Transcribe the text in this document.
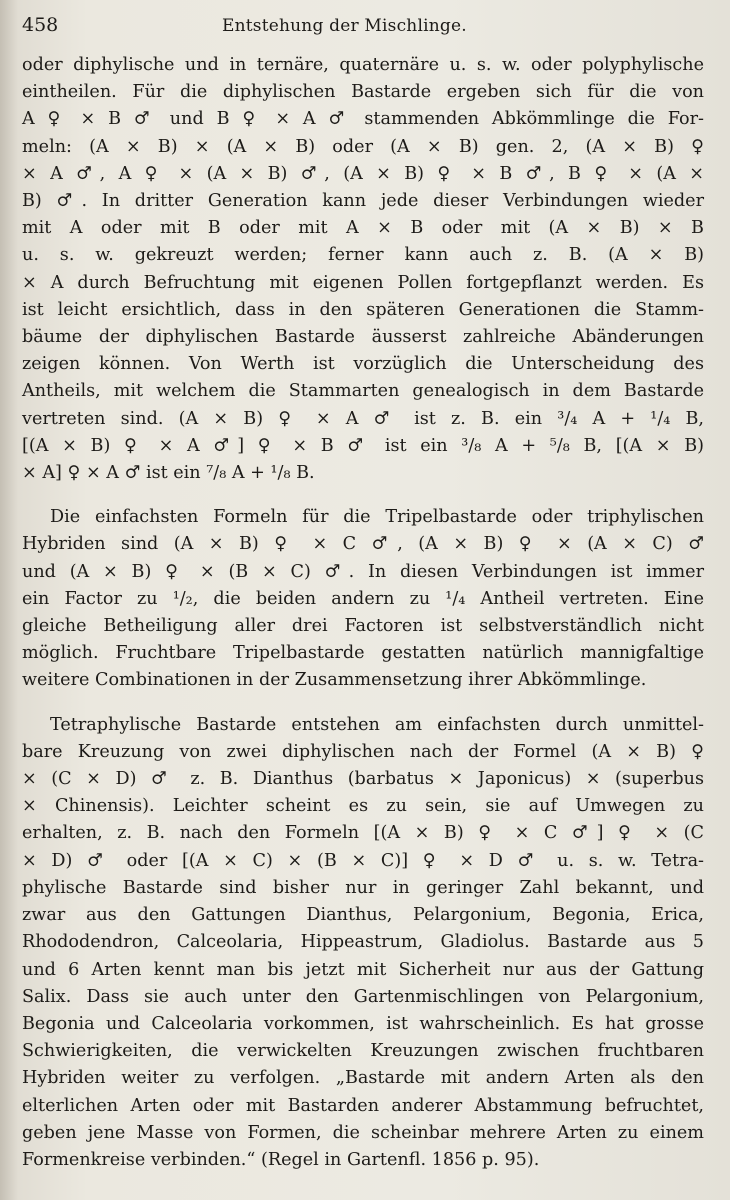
458	Entstehung der Mischlinge.

oder diphylische und in ternäre, quaternäre u. s. w. oder polyphylische
eintheilen. Für die diphylischen Bastarde ergeben sich für die von
A ♀ × B ♂ und B ♀ × A ♂ stammenden Abkömmlinge die For-
meln: (A × B) × (A × B) oder (A × B) gen. 2, (A × B) ♀
× A ♂, A ♀ × (A × B) ♂, (A × B) ♀ × B ♂, B ♀ × (A ×
B) ♂. In dritter Generation kann jede dieser Verbindungen wieder
mit A oder mit B oder mit A × B oder mit (A × B) × B
u. s. w. gekreuzt werden; ferner kann auch z. B. (A × B)
× A durch Befruchtung mit eigenen Pollen fortgepflanzt werden. Es
ist leicht ersichtlich, dass in den späteren Generationen die Stamm-
bäume der diphylischen Bastarde äusserst zahlreiche Abänderungen
zeigen können. Von Werth ist vorzüglich die Unterscheidung des
Antheils, mit welchem die Stammarten genealogisch in dem Bastarde
vertreten sind. (A × B) ♀ × A ♂ ist z. B. ein ³/₄ A + ¹/₄ B,
[(A × B) ♀ × A ♂] ♀ × B ♂ ist ein ³/₈ A + ⁵/₈ B, [(A × B)
× A] ♀ × A ♂ ist ein ⁷/₈ A + ¹/₈ B.

Die einfachsten Formeln für die Tripelbastarde oder triphylischen
Hybriden sind (A × B) ♀ × C ♂, (A × B) ♀ × (A × C) ♂
und (A × B) ♀ × (B × C) ♂. In diesen Verbindungen ist immer
ein Factor zu ¹/₂, die beiden andern zu ¹/₄ Antheil vertreten. Eine
gleiche Betheiligung aller drei Factoren ist selbstverständlich nicht
möglich. Fruchtbare Tripelbastarde gestatten natürlich mannigfaltige
weitere Combinationen in der Zusammensetzung ihrer Abkömmlinge.

Tetraphylische Bastarde entstehen am einfachsten durch unmittel-
bare Kreuzung von zwei diphylischen nach der Formel (A × B) ♀
× (C × D) ♂ z. B. Dianthus (barbatus × Japonicus) × (superbus
× Chinensis). Leichter scheint es zu sein, sie auf Umwegen zu
erhalten, z. B. nach den Formeln [(A × B) ♀ × C ♂] ♀ × (C
× D) ♂ oder [(A × C) × (B × C)] ♀ × D ♂ u. s. w. Tetra-
phylische Bastarde sind bisher nur in geringer Zahl bekannt, und
zwar aus den Gattungen Dianthus, Pelargonium, Begonia, Erica,
Rhododendron, Calceolaria, Hippeastrum, Gladiolus. Bastarde aus 5
und 6 Arten kennt man bis jetzt mit Sicherheit nur aus der Gattung
Salix. Dass sie auch unter den Gartenmischlingen von Pelargonium,
Begonia und Calceolaria vorkommen, ist wahrscheinlich. Es hat grosse
Schwierigkeiten, die verwickelten Kreuzungen zwischen fruchtbaren
Hybriden weiter zu verfolgen. „Bastarde mit andern Arten als den
elterlichen Arten oder mit Bastarden anderer Abstammung befruchtet,
geben jene Masse von Formen, die scheinbar mehrere Arten zu einem
Formenkreise verbinden.“ (Regel in Gartenfl. 1856 p. 95).
